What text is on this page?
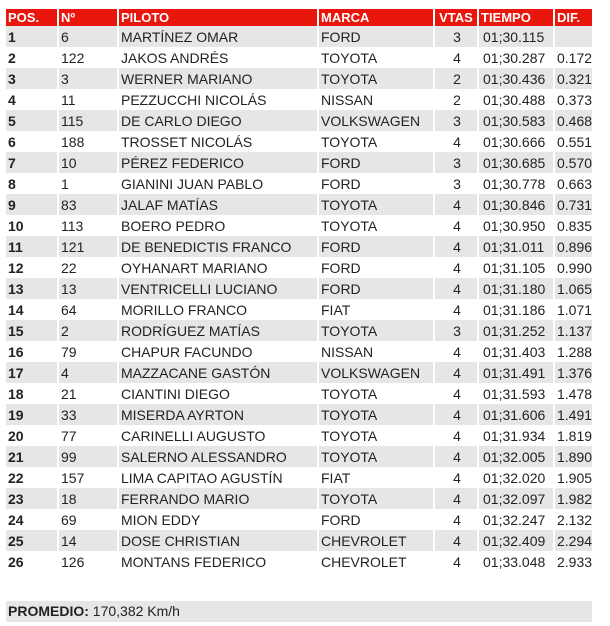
POS.	Nº	PILOTO	MARCA	VTAS	TIEMPO	DIF.
1	6	MARTÍNEZ OMAR	FORD	3	01;30.115	
2	122	JAKOS ANDRÉS	TOYOTA	4	01;30.287	0.172
3	3	WERNER MARIANO	TOYOTA	2	01;30.436	0.321
4	11	PEZZUCCHI NICOLÁS	NISSAN	2	01;30.488	0.373
5	115	DE CARLO DIEGO	VOLKSWAGEN	3	01;30.583	0.468
6	188	TROSSET NICOLÁS	TOYOTA	4	01;30.666	0.551
7	10	PÉREZ FEDERICO	FORD	3	01;30.685	0.570
8	1	GIANINI JUAN PABLO	FORD	3	01;30.778	0.663
9	83	JALAF MATÍAS	TOYOTA	4	01;30.846	0.731
10	113	BOERO PEDRO	TOYOTA	4	01;30.950	0.835
11	121	DE BENEDICTIS FRANCO	FORD	4	01;31.011	0.896
12	22	OYHANART MARIANO	FORD	4	01;31.105	0.990
13	13	VENTRICELLI LUCIANO	FORD	4	01;31.180	1.065
14	64	MORILLO FRANCO	FIAT	4	01;31.186	1.071
15	2	RODRÍGUEZ MATÍAS	TOYOTA	3	01;31.252	1.137
16	79	CHAPUR FACUNDO	NISSAN	4	01;31.403	1.288
17	4	MAZZACANE GASTÓN	VOLKSWAGEN	4	01;31.491	1.376
18	21	CIANTINI DIEGO	TOYOTA	4	01;31.593	1.478
19	33	MISERDA AYRTON	TOYOTA	4	01;31.606	1.491
20	77	CARINELLI AUGUSTO	TOYOTA	4	01;31.934	1.819
21	99	SALERNO ALESSANDRO	TOYOTA	4	01;32.005	1.890
22	157	LIMA CAPITAO AGUSTÍN	FIAT	4	01;32.020	1.905
23	18	FERRANDO MARIO	TOYOTA	4	01;32.097	1.982
24	69	MION EDDY	FORD	4	01;32.247	2.132
25	14	DOSE CHRISTIAN	CHEVROLET	4	01;32.409	2.294
26	126	MONTANS FEDERICO	CHEVROLET	4	01;33.048	2.933
PROMEDIO: 170,382 Km/h
